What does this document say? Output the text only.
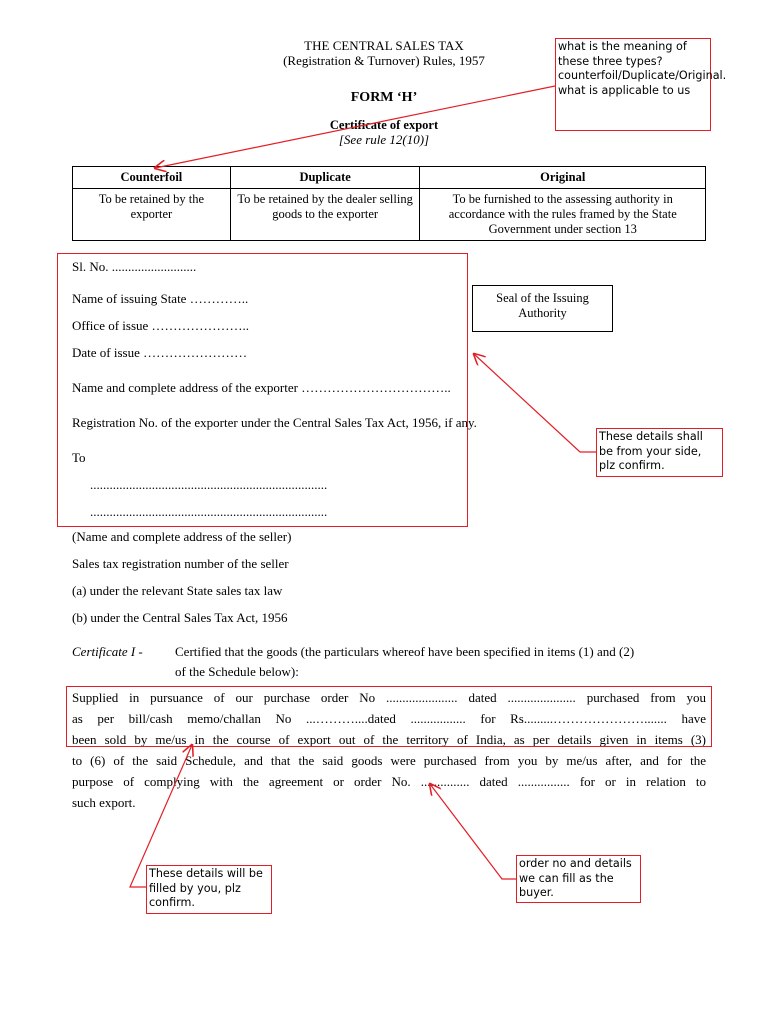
THE CENTRAL SALES TAX
(Registration & Turnover) Rules, 1957
FORM ‘H’
Certificate of export
[See rule 12(10)]
Counterfoil	Duplicate	Original
To be retained by the exporter	To be retained by the dealer selling goods to the exporter	To be furnished to the assessing authority in accordance with the rules framed by the State Government under section 13
Sl. No. ..........................
Name of issuing State …………..
Office of issue …………………..
Date of issue ……………………
Name and complete address of the exporter ……………………………..
Registration No. of the exporter under the Central Sales Tax Act, 1956, if any.
To
.........................................................................
.........................................................................
(Name and complete address of the seller)
Sales tax registration number of the seller
(a) under the relevant State sales tax law
(b) under the Central Sales Tax Act, 1956
Seal of the Issuing
Authority
Certificate I - Certified that the goods (the particulars whereof have been specified in items (1) and (2)
of the Schedule below):
Supplied in pursuance of our purchase order No ...................... dated ..................... purchased from you
as per bill/cash memo/challan No ...………....dated ................. for Rs.........…………………....... have
been sold by me/us in the course of export out of the territory of India, as per details given in items (3)
to (6) of the said Schedule, and that the said goods were purchased from you by me/us after, and for the
purpose of complying with the agreement or order No. ............... dated ................ for or in relation to
such export.
what is the meaning of these three types?counterfoil/Duplicate/Original.
what is applicable to us
These details shall be from your side, plz confirm.
These details will be filled by you, plz confirm.
order no and details we can fill as the buyer.
